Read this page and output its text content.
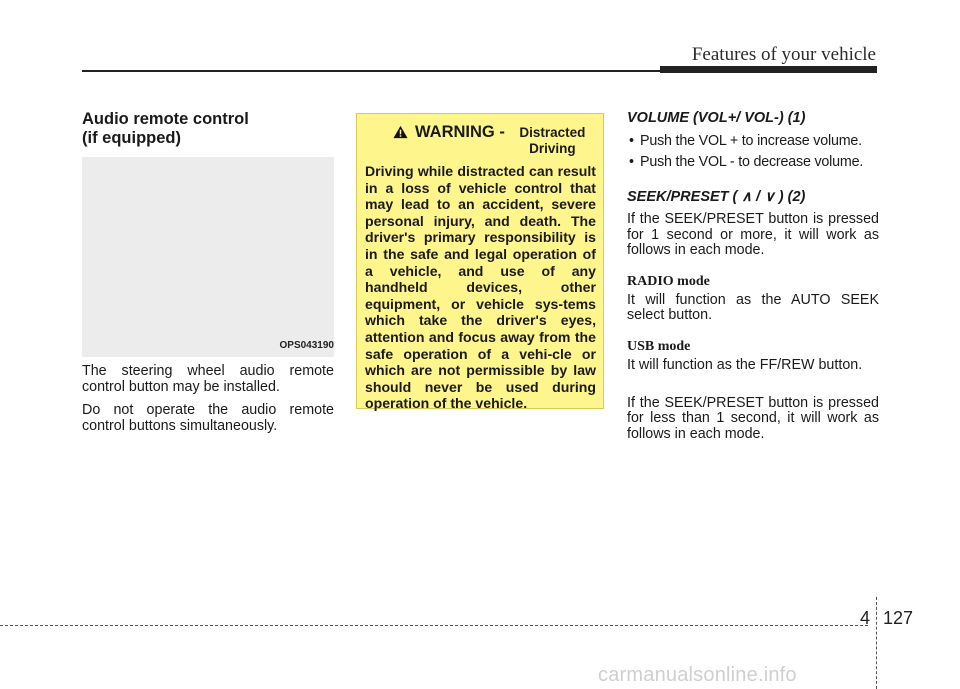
Features of your vehicle
Audio remote control
(if equipped)
OPS043190

The steering wheel audio remote control button may be installed.

Do not operate the audio remote control buttons simultaneously.

WARNING -	Distracted
Driving

Driving while distracted can result in a loss of vehicle control that may lead to an accident, severe personal injury, and death. The driver's primary responsibility is in the safe and legal operation of a vehicle, and use of any handheld devices, other equipment, or vehicle sys-tems which take the driver's eyes, attention and focus away from the safe operation of a vehi-cle or which are not permissible by law should never be used during operation of the vehicle.

VOLUME (VOL+/ VOL-) (1)
• Push the VOL + to increase volume.
• Push the VOL - to decrease volume.
SEEK/PRESET ( ∧ / ∨ ) (2)

If the SEEK/PRESET button is pressed for 1 second or more, it will work as follows in each mode.

RADIO mode

It will function as the AUTO SEEK select button.

USB mode

It will function as the FF/REW button.

If the SEEK/PRESET button is pressed for less than 1 second, it will work as follows in each mode.

4 127
carmanualsonline.info
